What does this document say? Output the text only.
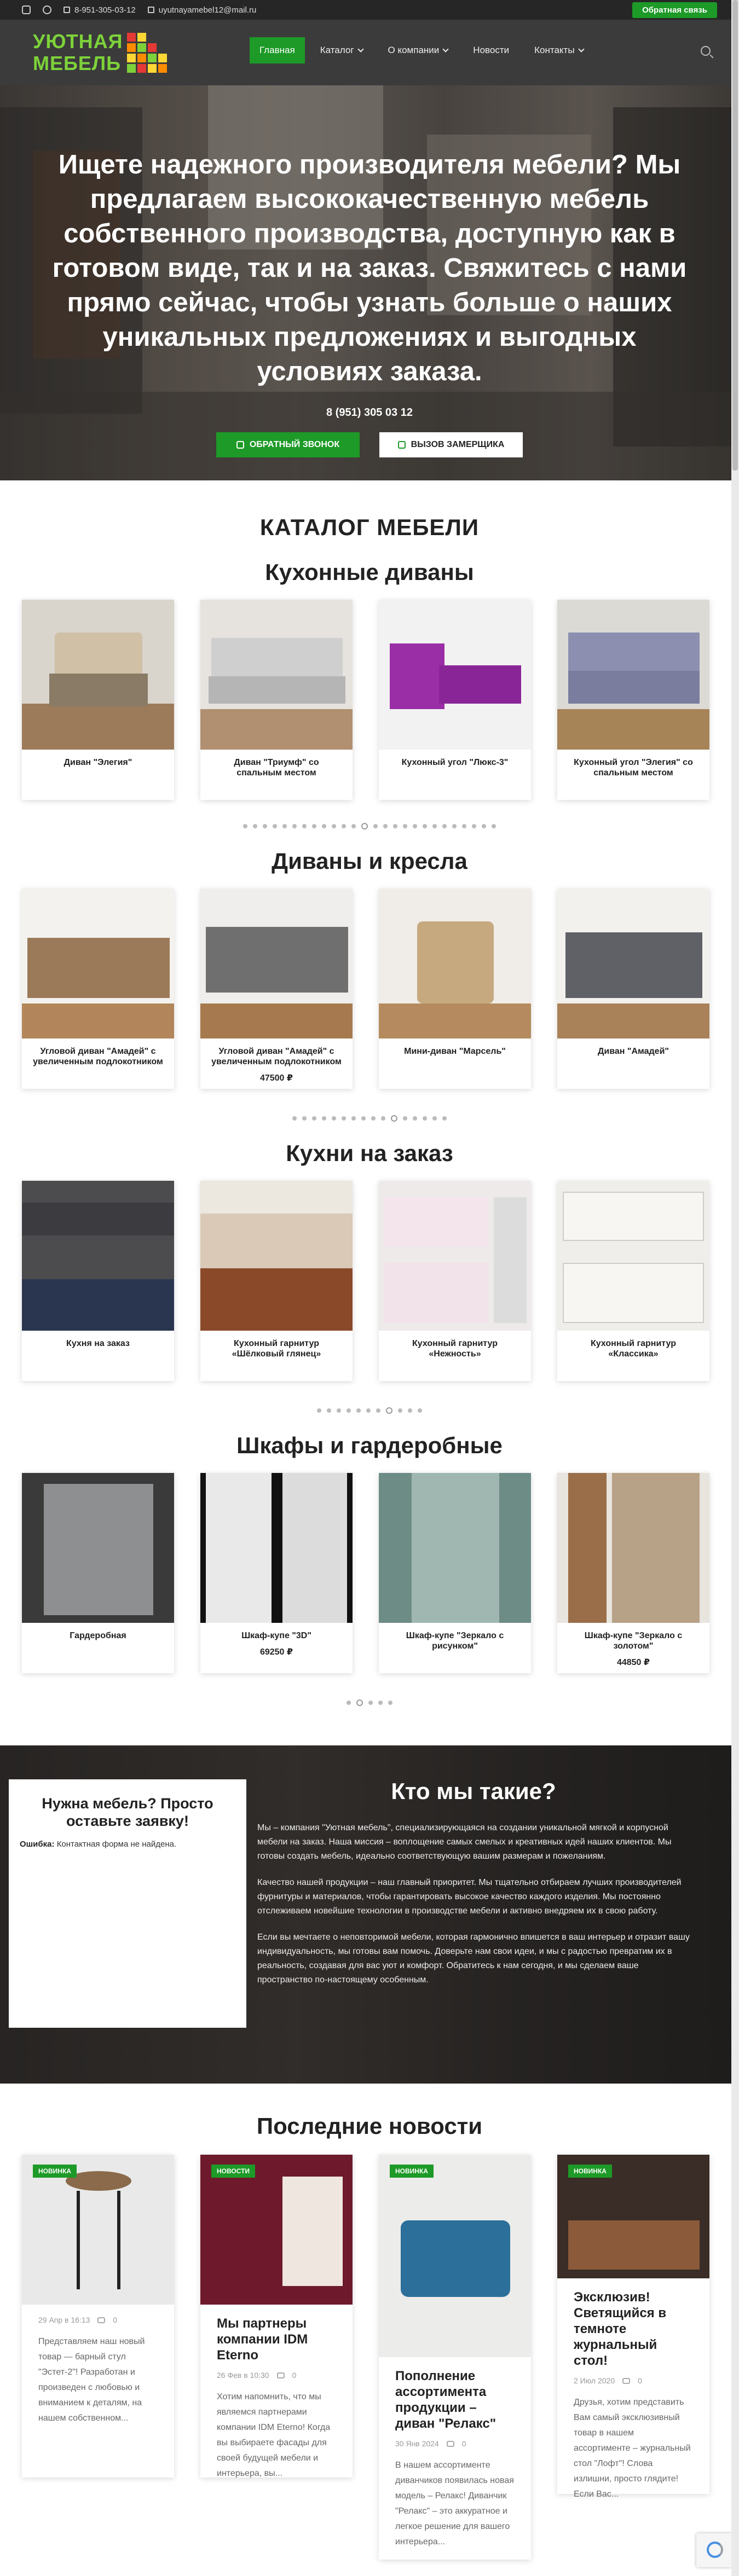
8-951-305-03-12	uyutnayamebel12@mail.ru	Обратная связь
УЮТНАЯ
МЕБЕЛЬ
Главная	Каталог	О компании	Новости	Контакты
Ищете надежного производителя мебели? Мы предлагаем высококачественную мебель собственного производства, доступную как в готовом виде, так и на заказ. Свяжитесь с нами прямо сейчас, чтобы узнать больше о наших уникальных предложениях и выгодных условиях заказа.
8 (951) 305 03 12
ОБРАТНЫЙ ЗВОНОК	ВЫЗОВ ЗАМЕРЩИКА
КАТАЛОГ МЕБЕЛИ
Кухонные диваны
Диван "Элегия"	Диван "Триумф" со спальным местом
Кухонный угол "Люкс-3"	Кухонный угол "Элегия" со спальным местом
Диваны и кресла
Угловой диван "Амадей" с увеличенным подлокотником
Угловой диван "Амадей" с увеличенным подлокотником
47500 ₽
Мини-диван "Марсель"	Диван "Амадей"
Кухни на заказ
Кухня на заказ	Кухонный гарнитур «Шёлковый глянец»
Кухонный гарнитур «Нежность»
Кухонный гарнитур «Классика»
Шкафы и гардеробные
Гардеробная	Шкаф-купе "3D"
69250 ₽
Шкаф-купе "Зеркало с рисунком"
Шкаф-купе "Зеркало с золотом"
44850 ₽
Нужна мебель? Просто оставьте заявку!
Ошибка: Контактная форма не найдена.
Кто мы такие?

Мы – компания "Уютная мебель", специализирующаяся на создании уникальной мягкой и корпусной мебели на заказ. Наша миссия – воплощение самых смелых и креативных идей наших клиентов. Мы готовы создать мебель, идеально соответствующую вашим размерам и пожеланиям.

Качество нашей продукции – наш главный приоритет. Мы тщательно отбираем лучших производителей фурнитуры и материалов, чтобы гарантировать высокое качество каждого изделия. Мы постоянно отслеживаем новейшие технологии в производстве мебели и активно внедряем их в свою работу.

Если вы мечтаете о неповторимой мебели, которая гармонично впишется в ваш интерьер и отразит вашу индивидуальность, мы готовы вам помочь. Доверьте нам свои идеи, и мы с радостью превратим их в реальность, создавая для вас уют и комфорт. Обратитесь к нам сегодня, и мы сделаем ваше пространство по-настоящему особенным.

Последние новости
НОВИНКА
29 Апр в 16:13	0
Представляем наш новый товар — барный стул "Эстет-2"! Разработан и произведен с любовью и вниманием к деталям, на нашем собственном...
НОВОСТИ
Мы партнеры компании IDM Eterno
26 Фев в 10:30	0
Хотим напомнить, что мы являемся партнерами компании IDM Eterno! Когда вы выбираете фасады для своей будущей мебели и интерьера, вы...
НОВИНКА
Пополнение ассортимента продукции – диван "Релакс"
30 Янв 2024	0
В нашем ассортименте диванчиков появилась новая модель – Релакс! Диванчик "Релакс" – это аккуратное и легкое решение для вашего интерьера...
НОВИНКА
Эксклюзив! Светящийся в темноте журнальный стол!
2 Июл 2020	0
Друзья, хотим представить Вам самый эксклюзивный товар в нашем ассортименте – журнальный стол "Лофт"! Слова излишни, просто глядите! Если Вас...
